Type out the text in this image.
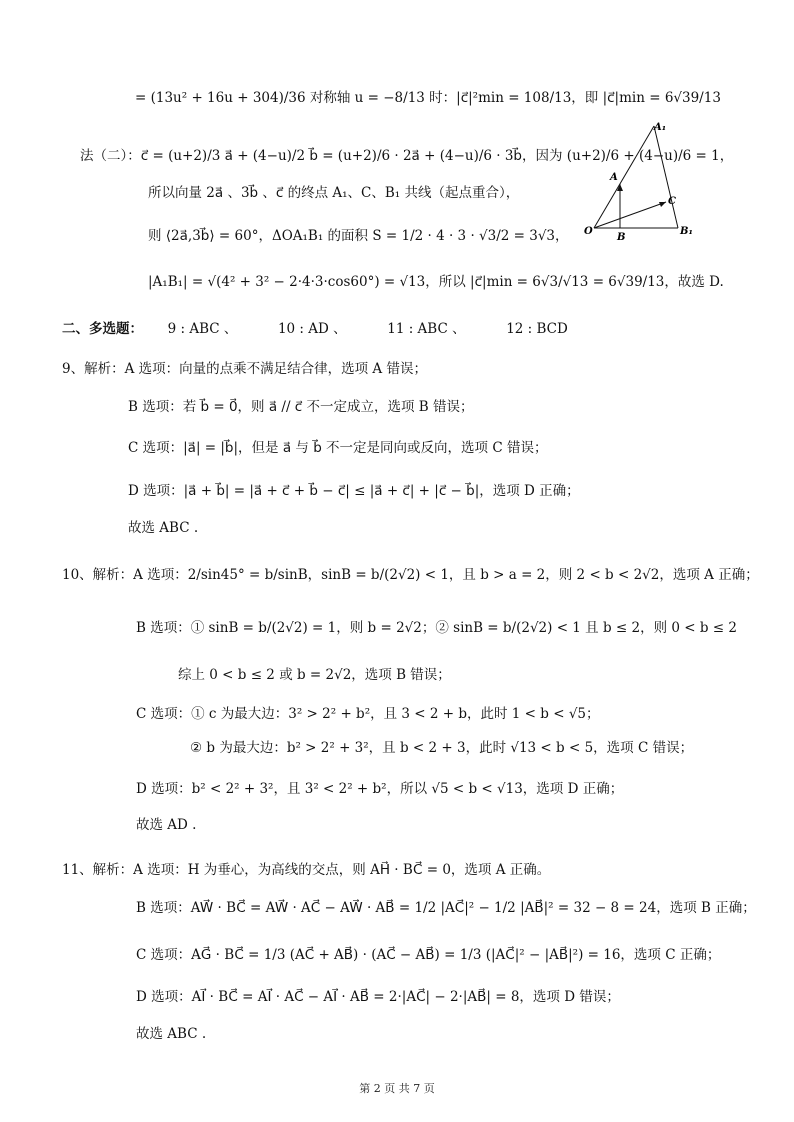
= (13u² + 16u + 304)/36 对称轴 u = −8/13 时：|c⃗|²min = 108/13，即 |c⃗|min = 6√39/13
法（二）：c⃗ = (u+2)/3 a⃗ + (4−u)/2 b⃗ = (u+2)/6 · 2a⃗ + (4−u)/6 · 3b⃗，因为 (u+2)/6 + (4−u)/6 = 1，
所以向量 2a⃗ 、3b⃗ 、c⃗ 的终点 A₁、C、B₁ 共线（起点重合），
则 ⟨2a⃗,3b⃗⟩ = 60°，ΔOA₁B₁ 的面积 S = 1/2 · 4 · 3 · √3/2 = 3√3，
|A₁B₁| = √(4² + 3² − 2·4·3·cos60°) = √13，所以 |c⃗|min = 6√3/√13 = 6√39/13，故选 D.
A₁
A
C
O
B
B₁
二、多选题： 9 : ABC 、	10 : AD 、	11 : ABC 、	12 : BCD
9、解析：A 选项：向量的点乘不满足结合律，选项 A 错误；
B 选项：若 b⃗ = 0⃗，则 a⃗ // c⃗ 不一定成立，选项 B 错误；
C 选项：|a⃗| = |b⃗|，但是 a⃗ 与 b⃗ 不一定是同向或反向，选项 C 错误；
D 选项：|a⃗ + b⃗| = |a⃗ + c⃗ + b⃗ − c⃗| ≤ |a⃗ + c⃗| + |c⃗ − b⃗|，选项 D 正确；
故选 ABC .
10、解析：A 选项：2/sin45° = b/sinB，sinB = b/(2√2) < 1，且 b > a = 2，则 2 < b < 2√2，选项 A 正确；
B 选项：① sinB = b/(2√2) = 1，则 b = 2√2；② sinB = b/(2√2) < 1 且 b ≤ 2，则 0 < b ≤ 2
综上 0 < b ≤ 2 或 b = 2√2，选项 B 错误；
C 选项：① c 为最大边：3² > 2² + b²，且 3 < 2 + b，此时 1 < b < √5；
② b 为最大边：b² > 2² + 3²，且 b < 2 + 3，此时 √13 < b < 5，选项 C 错误；
D 选项：b² < 2² + 3²，且 3² < 2² + b²，所以 √5 < b < √13，选项 D 正确；
故选 AD .
11、解析：A 选项：H 为垂心，为高线的交点，则 AH⃗ · BC⃗ = 0，选项 A 正确。
B 选项：AW⃗ · BC⃗ = AW⃗ · AC⃗ − AW⃗ · AB⃗ = 1/2 |AC⃗|² − 1/2 |AB⃗|² = 32 − 8 = 24，选项 B 正确；
C 选项：AG⃗ · BC⃗ = 1/3 (AC⃗ + AB⃗) · (AC⃗ − AB⃗) = 1/3 (|AC⃗|² − |AB⃗|²) = 16，选项 C 正确；
D 选项：AI⃗ · BC⃗ = AI⃗ · AC⃗ − AI⃗ · AB⃗ = 2·|AC⃗| − 2·|AB⃗| = 8，选项 D 错误；
故选 ABC .
第 2 页 共 7 页
